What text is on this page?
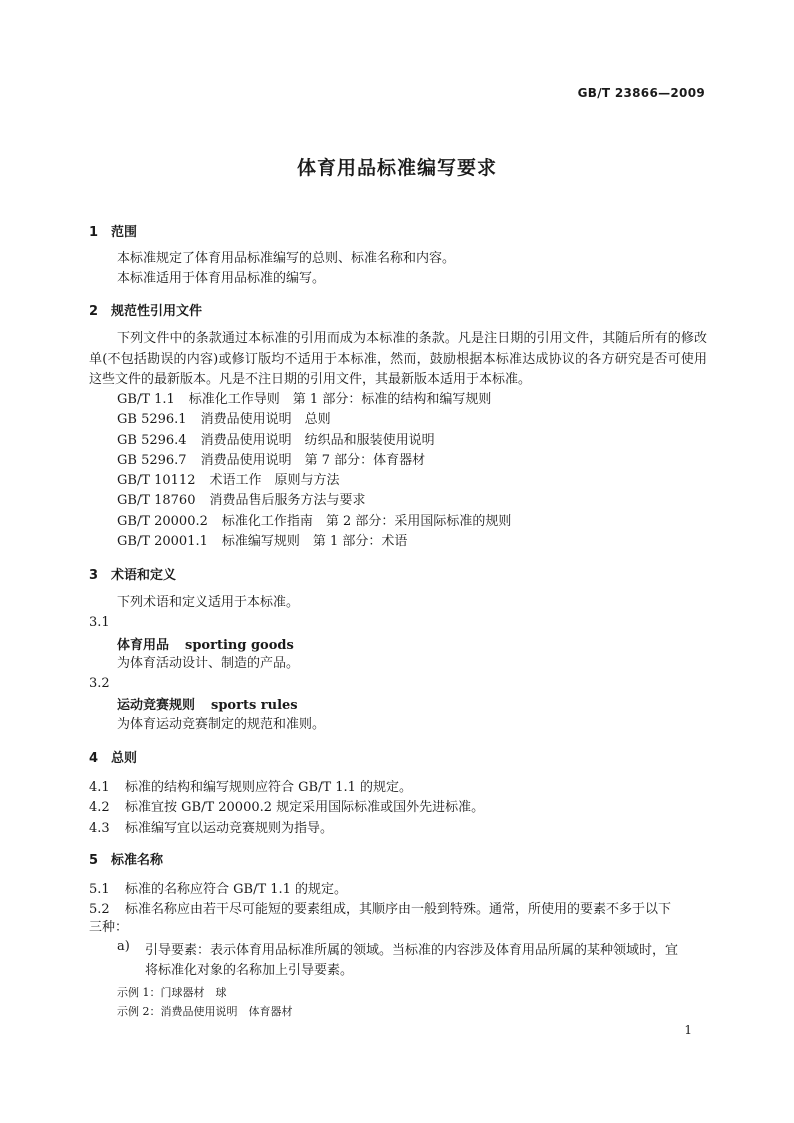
GB/T 23866—2009
体育用品标准编写要求
1 范围
本标准规定了体育用品标准编写的总则、标准名称和内容。
本标准适用于体育用品标准的编写。
2 规范性引用文件
下列文件中的条款通过本标准的引用而成为本标准的条款。凡是注日期的引用文件，其随后所有的修改单(不包括勘误的内容)或修订版均不适用于本标准，然而，鼓励根据本标准达成协议的各方研究是否可使用这些文件的最新版本。凡是不注日期的引用文件，其最新版本适用于本标准。
GB/T 1.1 标准化工作导则　第 1 部分：标准的结构和编写规则
GB 5296.1 消费品使用说明　总则
GB 5296.4 消费品使用说明　纺织品和服装使用说明
GB 5296.7 消费品使用说明　第 7 部分：体育器材
GB/T 10112 术语工作　原则与方法
GB/T 18760 消费品售后服务方法与要求
GB/T 20000.2 标准化工作指南　第 2 部分：采用国际标准的规则
GB/T 20001.1 标准编写规则　第 1 部分：术语
3 术语和定义
下列术语和定义适用于本标准。
3.1
体育用品 sporting goods
为体育活动设计、制造的产品。
3.2
运动竞赛规则 sports rules
为体育运动竞赛制定的规范和准则。
4 总则
4.1 标准的结构和编写规则应符合 GB/T 1.1 的规定。
4.2 标准宜按 GB/T 20000.2 规定采用国际标准或国外先进标准。
4.3 标准编写宜以运动竞赛规则为指导。
5 标准名称
5.1 标准的名称应符合 GB/T 1.1 的规定。
5.2 标准名称应由若干尽可能短的要素组成，其顺序由一般到特殊。通常，所使用的要素不多于以下
三种：
a) 引导要素：表示体育用品标准所属的领域。当标准的内容涉及体育用品所属的某种领域时，宜
将标准化对象的名称加上引导要素。
示例 1：门球器材　球
示例 2：消费品使用说明　体育器材
1
